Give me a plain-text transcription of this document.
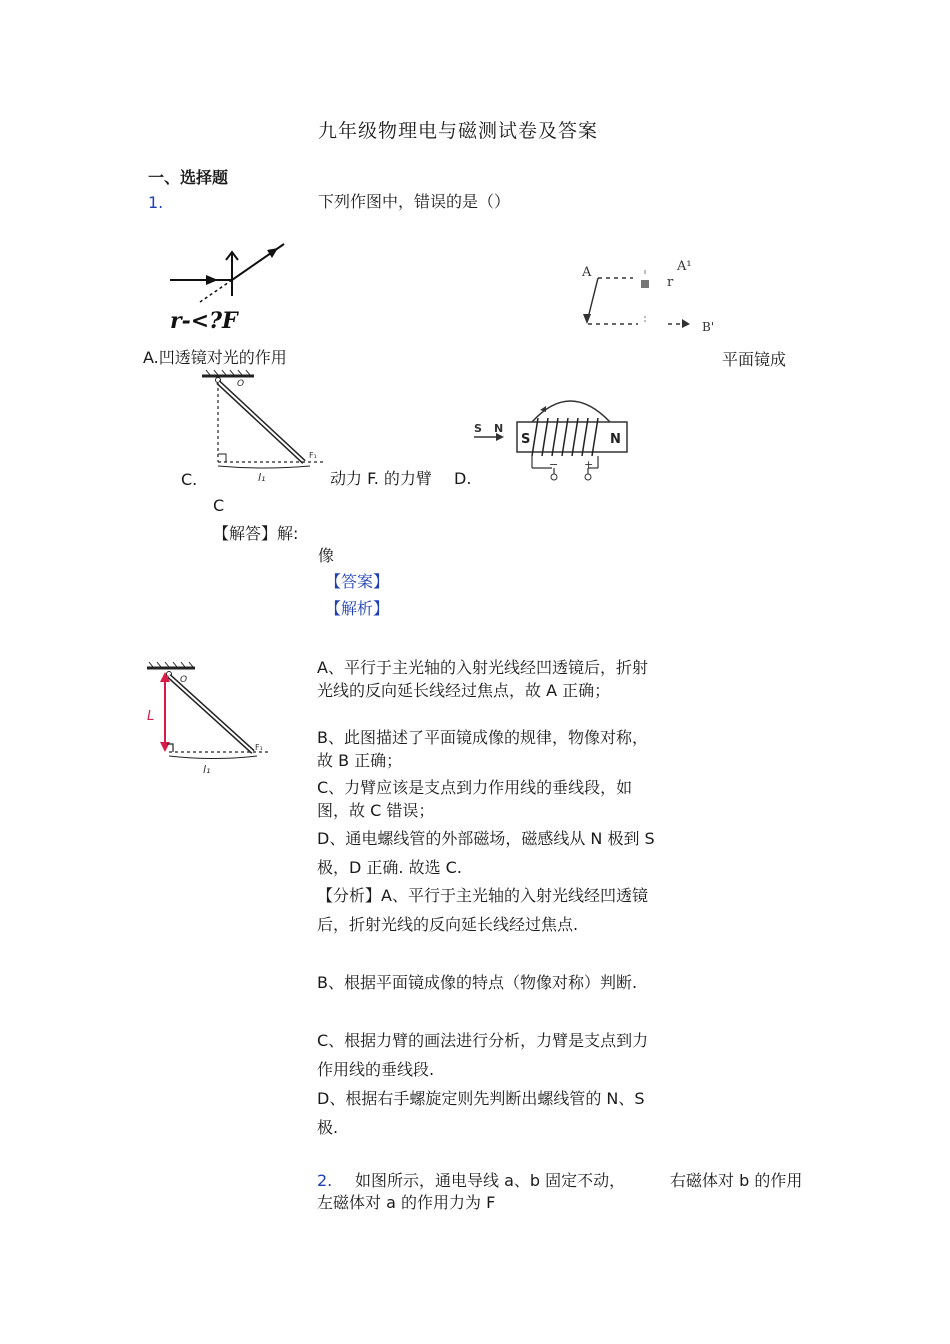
九年级物理电与磁测试卷及答案
一、选择题
1.	下列作图中，错误的是（）
r-<?F
A.凹透镜对光的作用
A	A¹
r
B'
平面镜成
O
F₁
l₁
C.	动力 F. 的力臂 D.
S N
S	N
− +
C
【解答】解:
像
【答案】
【解析】
O
L
F₁
l₁
A、平行于主光轴的入射光线经凹透镜后，折射光线的反向延长线经过焦点，故 A 正确；
B、此图描述了平面镜成像的规律，物像对称，故 B 正确；
C、力臂应该是支点到力作用线的垂线段，如图，故 C 错误；
D、通电螺线管的外部磁场，磁感线从 N 极到 S 极，D 正确. 故选 C.
【分析】A、平行于主光轴的入射光线经凹透镜后，折射光线的反向延长线经过焦点.
B、根据平面镜成像的特点（物像对称）判断.
C、根据力臂的画法进行分析，力臂是支点到力作用线的垂线段.
D、根据右手螺旋定则先判断出螺线管的 N、S 极.
2. 如图所示，通电导线 a、b 固定不动，	右磁体对 b 的作用
左磁体对 a 的作用力为 F
